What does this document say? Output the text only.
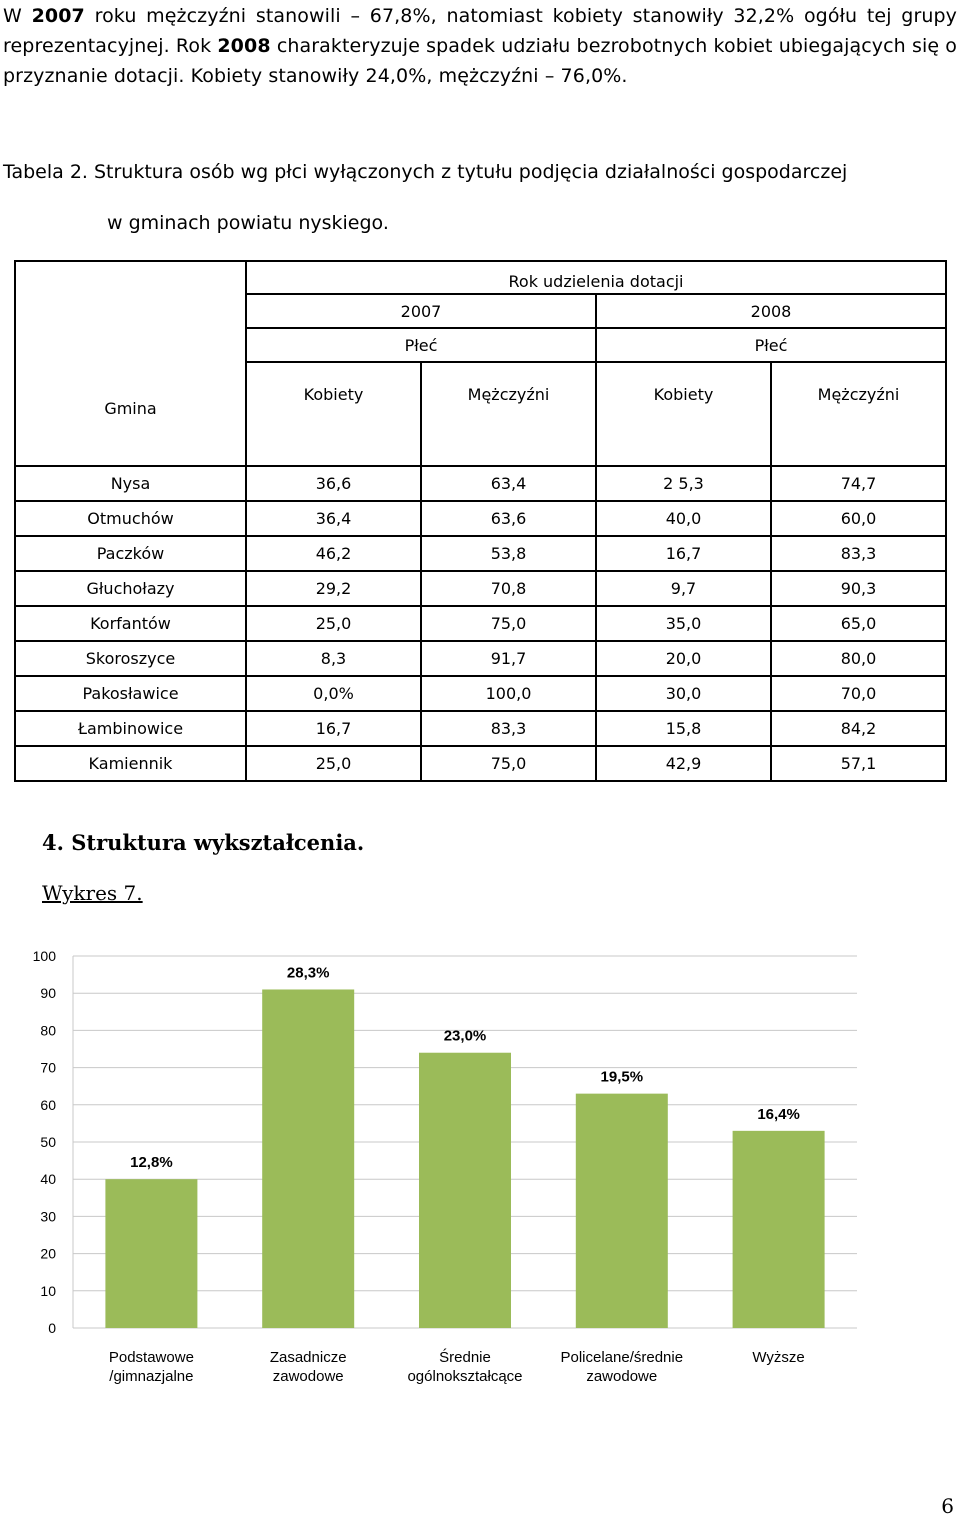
W 2007 roku mężczyźni stanowili – 67,8%, natomiast kobiety stanowiły 32,2% ogółu tej grupy reprezentacyjnej. Rok 2008 charakteryzuje spadek udziału bezrobotnych kobiet ubiegających się o przyznanie dotacji. Kobiety stanowiły 24,0%, mężczyźni – 76,0%.
Tabela 2. Struktura osób wg płci wyłączonych z tytułu podjęcia działalności gospodarczej
w gminach powiatu nyskiego.
Gmina	Rok udzielenia dotacji			
	2007		2008	
	Płeć		Płeć	
	Kobiety	Mężczyźni	Kobiety	Mężczyźni

Nysa	36,6	63,4	2 5,3	74,7
Otmuchów	36,4	63,6	40,0	60,0
Paczków	46,2	53,8	16,7	83,3
Głuchołazy	29,2	70,8	9,7	90,3
Korfantów	25,0	75,0	35,0	65,0
Skoroszyce	8,3	91,7	20,0	80,0
Pakosławice	0,0%	100,0	30,0	70,0
Łambinowice	16,7	83,3	15,8	84,2
Kamiennik	25,0	75,0	42,9	57,1
4. Struktura wykształcenia.
Wykres 7.
0
10
20
30
40
50
60
70
80
90
100
12,8%
Podstawowe
/gimnazjalne
28,3%
Zasadnicze
zawodowe
23,0%
Średnie
ogólnokształcące
19,5%
Policelane/średnie
zawodowe
16,4%
Wyższe
6
